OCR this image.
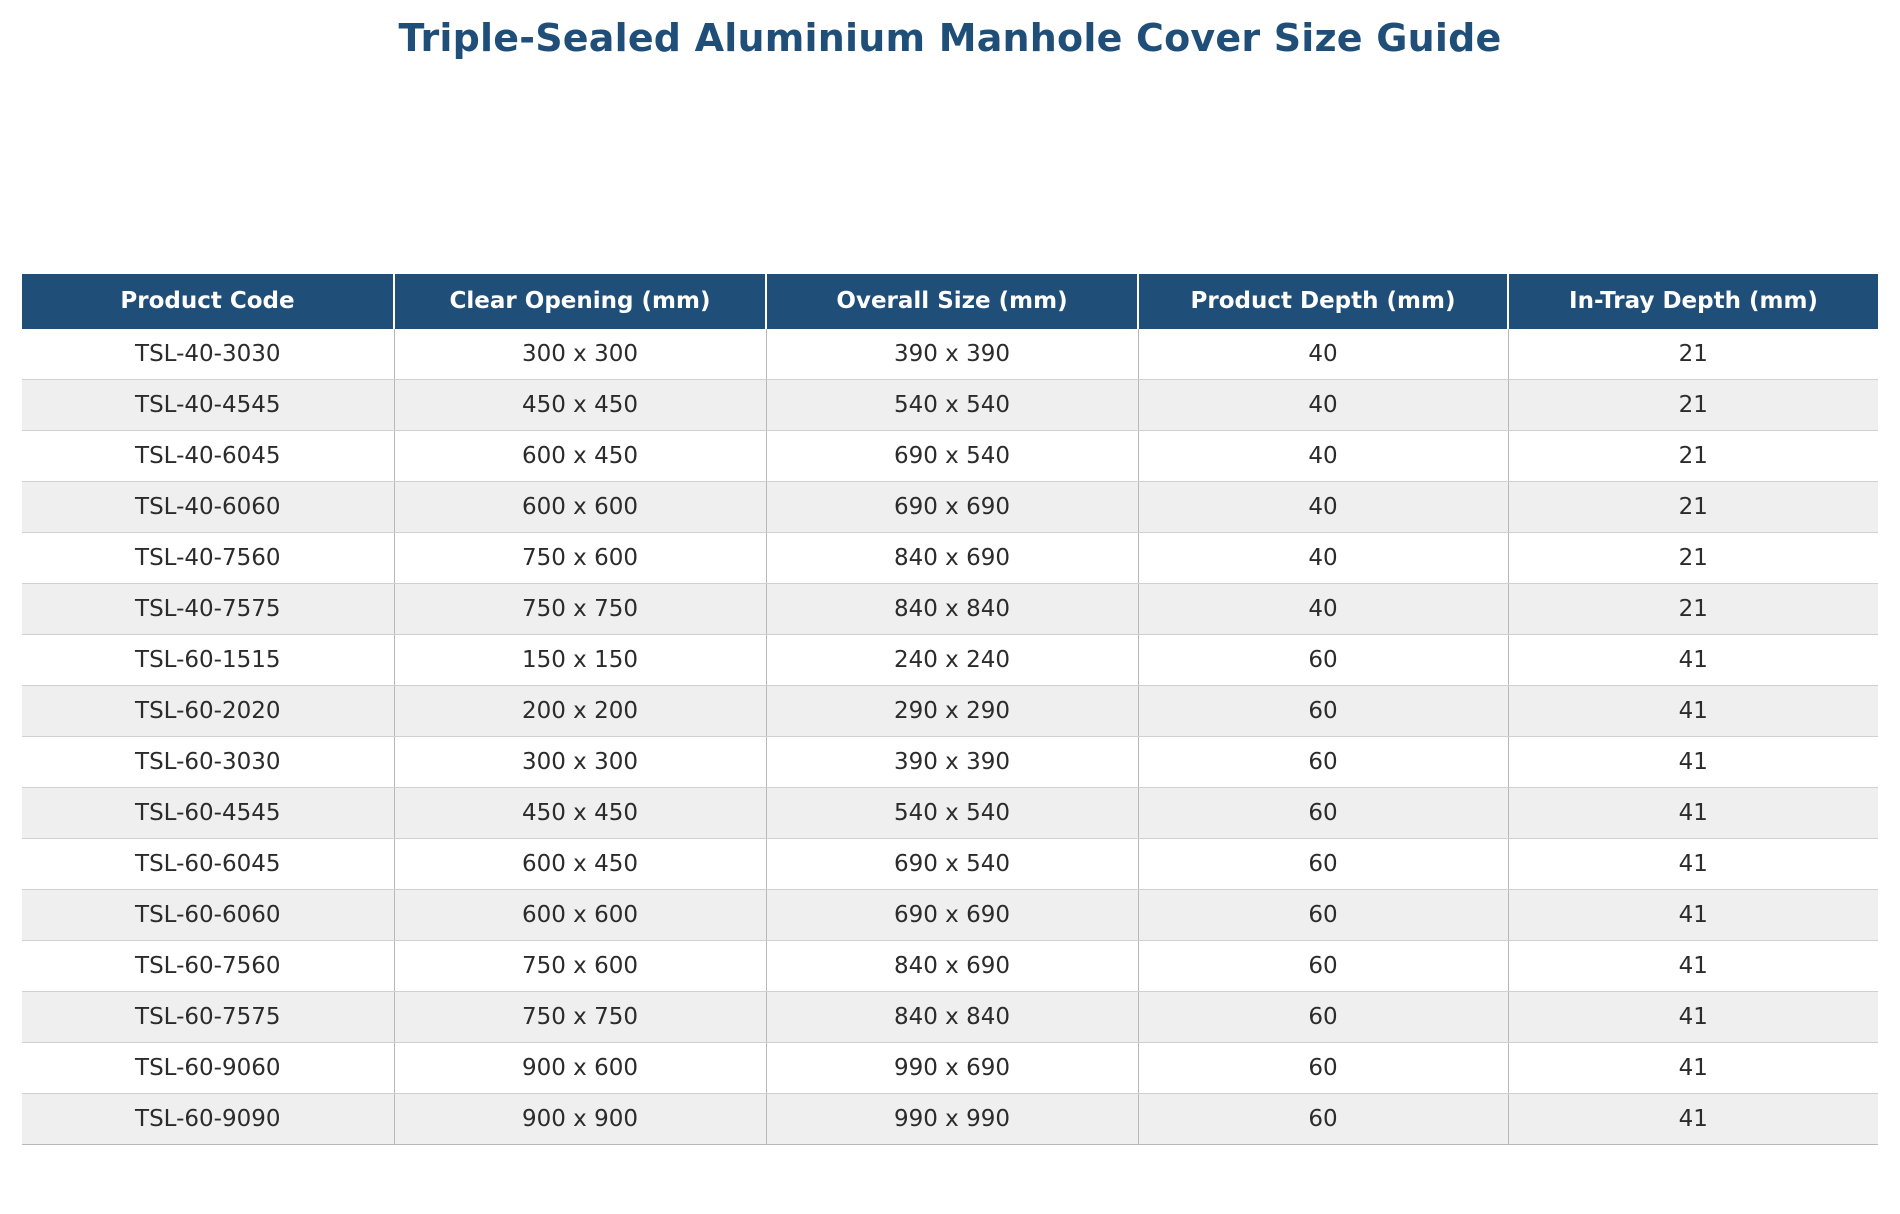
Triple-Sealed Aluminium Manhole Cover Size Guide
Product Code	Clear Opening (mm)	Overall Size (mm)	Product Depth (mm)	In-Tray Depth (mm)
TSL-40-3030	300 x 300	390 x 390	40	21
TSL-40-4545	450 x 450	540 x 540	40	21
TSL-40-6045	600 x 450	690 x 540	40	21
TSL-40-6060	600 x 600	690 x 690	40	21
TSL-40-7560	750 x 600	840 x 690	40	21
TSL-40-7575	750 x 750	840 x 840	40	21
TSL-60-1515	150 x 150	240 x 240	60	41
TSL-60-2020	200 x 200	290 x 290	60	41
TSL-60-3030	300 x 300	390 x 390	60	41
TSL-60-4545	450 x 450	540 x 540	60	41
TSL-60-6045	600 x 450	690 x 540	60	41
TSL-60-6060	600 x 600	690 x 690	60	41
TSL-60-7560	750 x 600	840 x 690	60	41
TSL-60-7575	750 x 750	840 x 840	60	41
TSL-60-9060	900 x 600	990 x 690	60	41
TSL-60-9090	900 x 900	990 x 990	60	41
